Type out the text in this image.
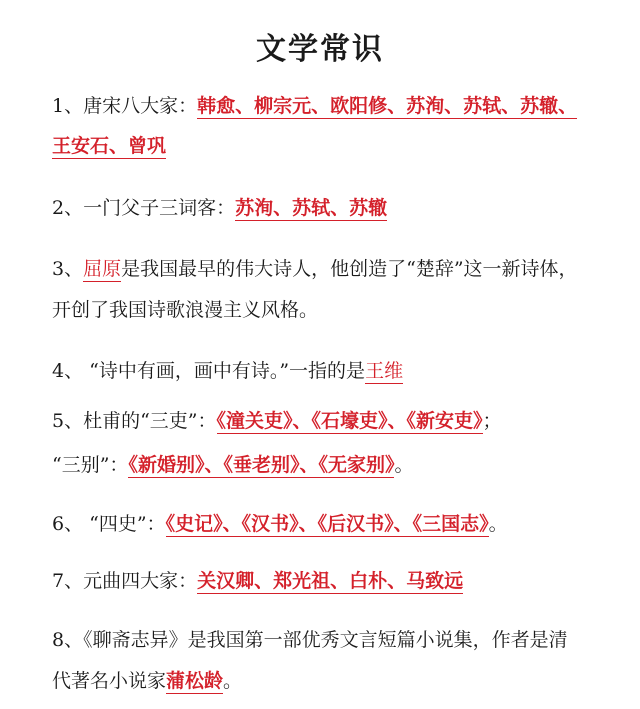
文学常识
1、唐宋八大家：韩愈、柳宗元、欧阳修、苏洵、苏轼、苏辙、
王安石、曾巩
2、一门父子三词客：苏洵、苏轼、苏辙
3、屈原是我国最早的伟大诗人，他创造了“楚辞”这一新诗体，
开创了我国诗歌浪漫主义风格。
4、 “诗中有画，画中有诗。”一指的是王维
5、杜甫的“三吏”：《潼关吏》、《石壕吏》、《新安吏》；
“三别”：《新婚别》、《垂老别》、《无家别》。
6、 “四史”：《史记》、《汉书》、《后汉书》、《三国志》。
7、元曲四大家：关汉卿、郑光祖、白朴、马致远
8、《聊斋志异》是我国第一部优秀文言短篇小说集，作者是清
代著名小说家蒲松龄。
